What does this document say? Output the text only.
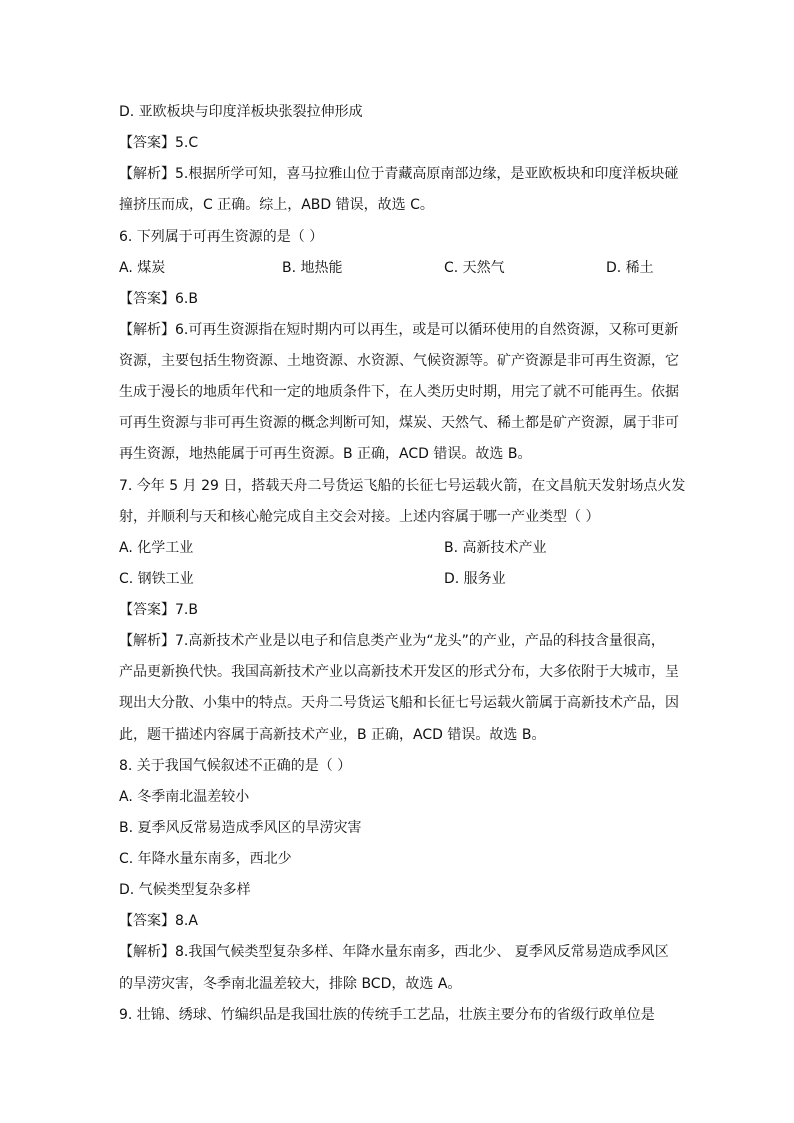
D. 亚欧板块与印度洋板块张裂拉伸形成
【答案】5.C
【解析】5.根据所学可知，喜马拉雅山位于青藏高原南部边缘，是亚欧板块和印度洋板块碰
撞挤压而成，C 正确。综上，ABD 错误，故选 C。
6. 下列属于可再生资源的是（ ）
A. 煤炭	B. 地热能	C. 天然气	D. 稀土
【答案】6.B
【解析】6.可再生资源指在短时期内可以再生，或是可以循环使用的自然资源，又称可更新
资源，主要包括生物资源、土地资源、水资源、气候资源等。矿产资源是非可再生资源，它
生成于漫长的地质年代和一定的地质条件下，在人类历史时期，用完了就不可能再生。依据
可再生资源与非可再生资源的概念判断可知，煤炭、天然气、稀土都是矿产资源，属于非可
再生资源，地热能属于可再生资源。B 正确，ACD 错误。故选 B。
7. 今年 5 月 29 日，搭载天舟二号货运飞船的长征七号运载火箭，在文昌航天发射场点火发
射，并顺利与天和核心舱完成自主交会对接。上述内容属于哪一产业类型（ ）
A. 化学工业	B. 高新技术产业
C. 钢铁工业	D. 服务业
【答案】7.B
【解析】7.高新技术产业是以电子和信息类产业为“龙头”的产业，产品的科技含量很高，
产品更新换代快。我国高新技术产业以高新技术开发区的形式分布，大多依附于大城市，呈
现出大分散、小集中的特点。天舟二号货运飞船和长征七号运载火箭属于高新技术产品，因
此，题干描述内容属于高新技术产业，B 正确，ACD 错误。故选 B。
8. 关于我国气候叙述不正确的是（ ）
A. 冬季南北温差较小
B. 夏季风反常易造成季风区的旱涝灾害
C. 年降水量东南多，西北少
D. 气候类型复杂多样
【答案】8.A
【解析】8.我国气候类型复杂多样、年降水量东南多，西北少、 夏季风反常易造成季风区
的旱涝灾害，冬季南北温差较大，排除 BCD，故选 A。
9. 壮锦、绣球、竹编织品是我国壮族的传统手工艺品，壮族主要分布的省级行政单位是
